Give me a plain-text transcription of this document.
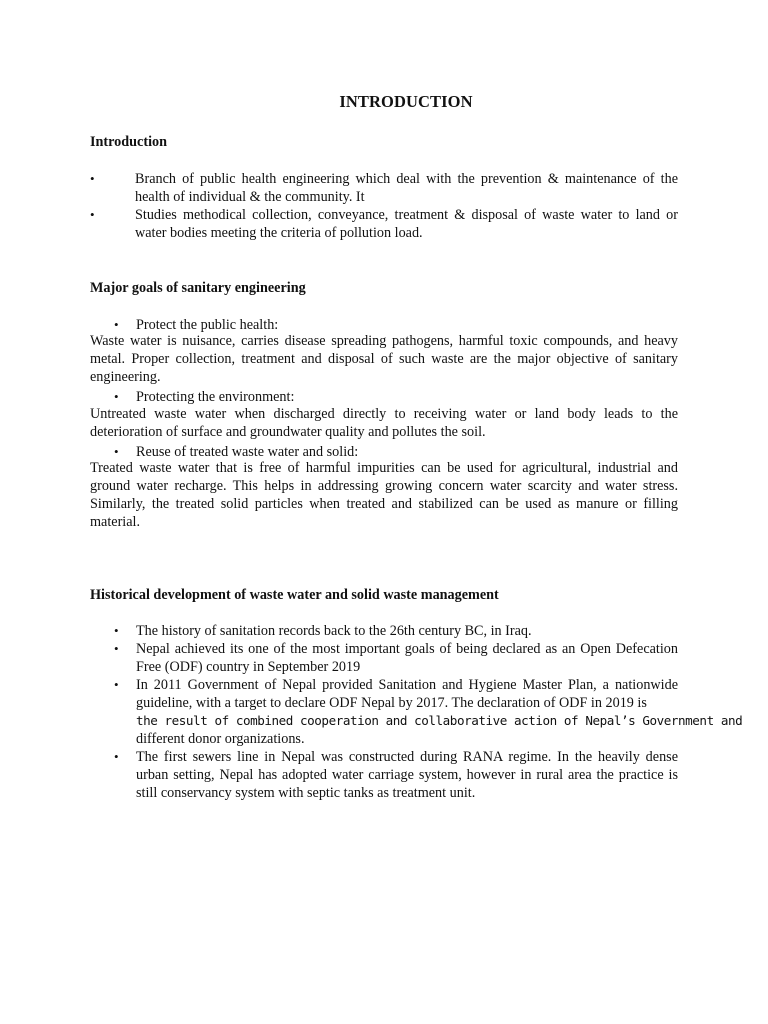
INTRODUCTION
Introduction
•	Branch of public health engineering which deal with the prevention & maintenance of the health of individual & the community. It
•	Studies methodical collection, conveyance, treatment & disposal of waste water to land or water bodies meeting the criteria of pollution load.
Major goals of sanitary engineering
• Protect the public health:

Waste water is nuisance, carries disease spreading pathogens, harmful toxic compounds, and heavy metal. Proper collection, treatment and disposal of such waste are the major objective of sanitary engineering.

• Protecting the environment:

Untreated waste water when discharged directly to receiving water or land body leads to the deterioration of surface and groundwater quality and pollutes the soil.

• Reuse of treated waste water and solid:

Treated waste water that is free of harmful impurities can be used for agricultural, industrial and ground water recharge. This helps in addressing growing concern water scarcity and water stress. Similarly, the treated solid particles when treated and stabilized can be used as manure or filling material.

Historical development of waste water and solid waste management
• The history of sanitation records back to the 26th century BC, in Iraq.
• Nepal achieved its one of the most important goals of being declared as an Open Defecation Free (ODF) country in September 2019
• In 2011 Government of Nepal provided Sanitation and Hygiene Master Plan, a nationwide guideline, with a target to declare ODF Nepal by 2017. The declaration of ODF in 2019 is
the result of combined cooperation and collaborative action of Nepal’s Government and
different donor organizations.
• The first sewers line in Nepal was constructed during RANA regime. In the heavily dense urban setting, Nepal has adopted water carriage system, however in rural area the practice is still conservancy system with septic tanks as treatment unit.
